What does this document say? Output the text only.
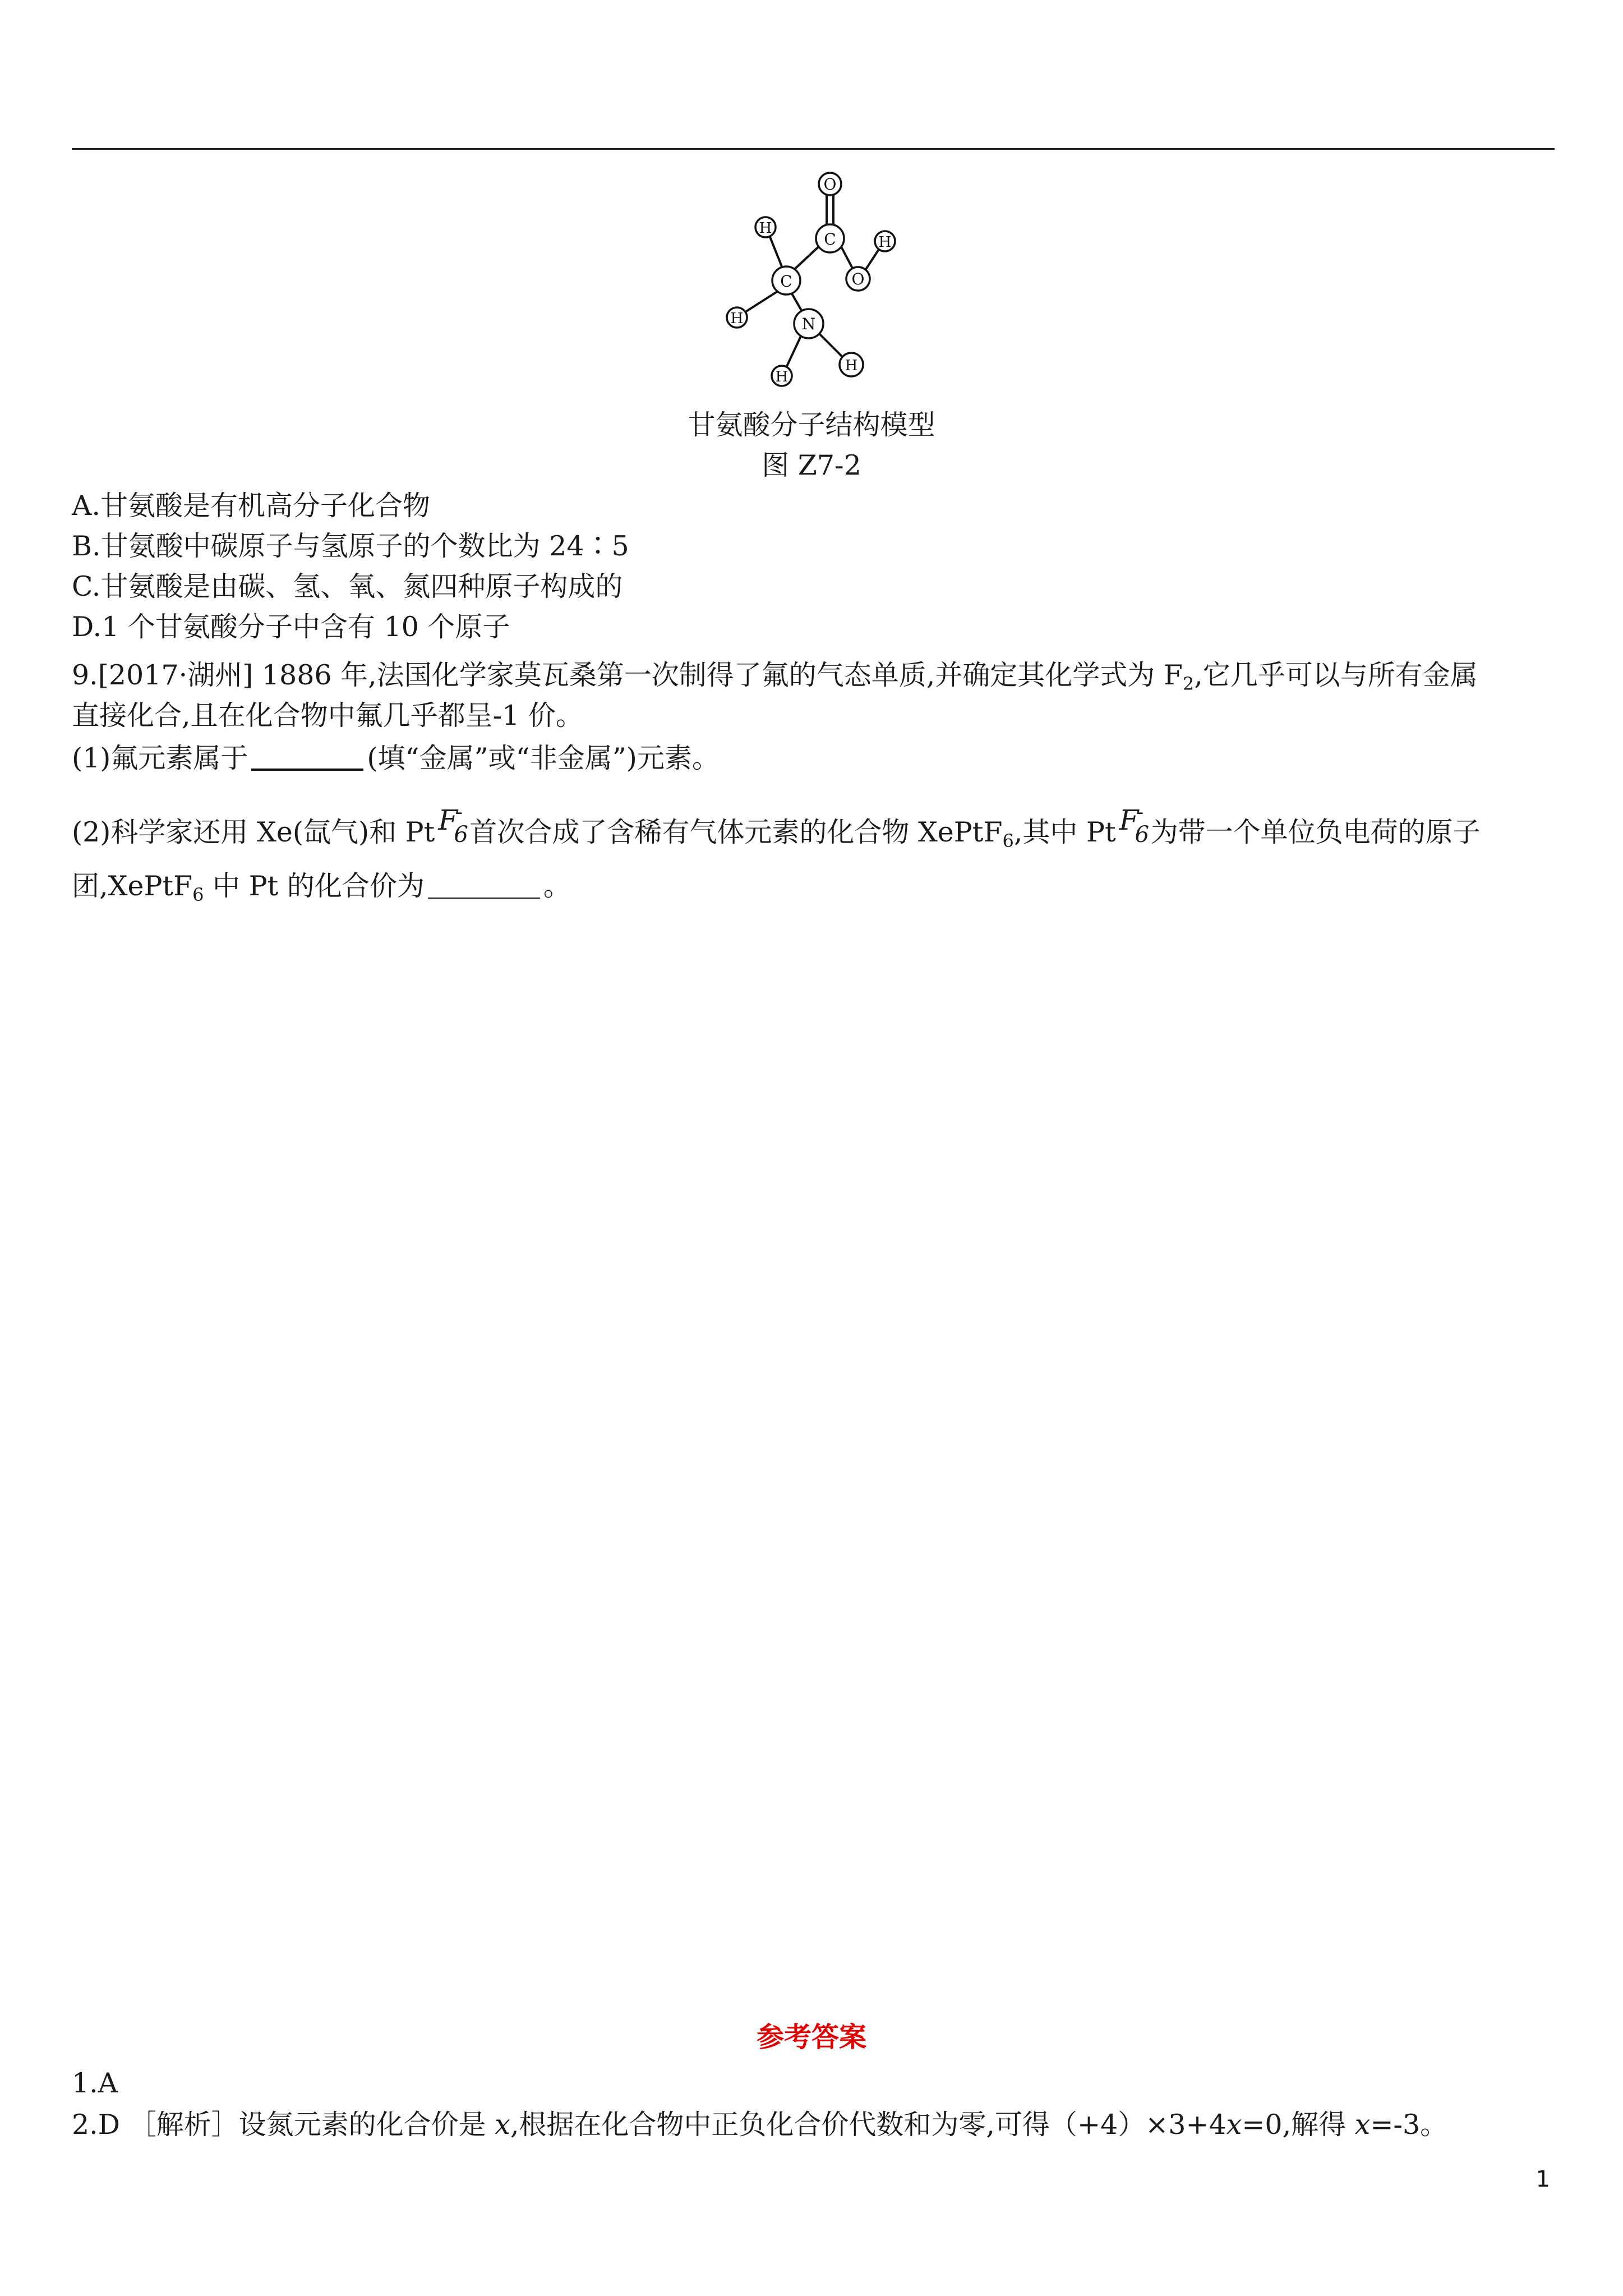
O
C
H
H
C	O
H	N
H
H
甘氨酸分子结构模型
图 Z7-2
A.甘氨酸是有机高分子化合物
B.甘氨酸中碳原子与氢原子的个数比为 24∶5
C.甘氨酸是由碳、氢、氧、氮四种原子构成的
D.1 个甘氨酸分子中含有 10 个原子
9.[2017·湖州] 1886 年,法国化学家莫瓦桑第一次制得了氟的气态单质,并确定其化学式为 $F_2$,它几乎可以与所有金属
直接化合,且在化合物中氟几乎都呈-1 价。
(1)氟元素属于	(填“金属”或“非金属”)元素。
(2)科学家还用 Xe(氙气)和 Pt F
6
-
首次合成了含稀有气体元素的化合物 XePtF$_6$,其中 Pt F
6
-
为带一个单位负电荷的原子
团,XePtF$_6$ 中 Pt 的化合价为	。
参考答案
1.A
2.D ［解析］设氮元素的化合价是 x,根据在化合物中正负化合价代数和为零,可得（+4）×3+4x=0,解得 x=-3。
1
